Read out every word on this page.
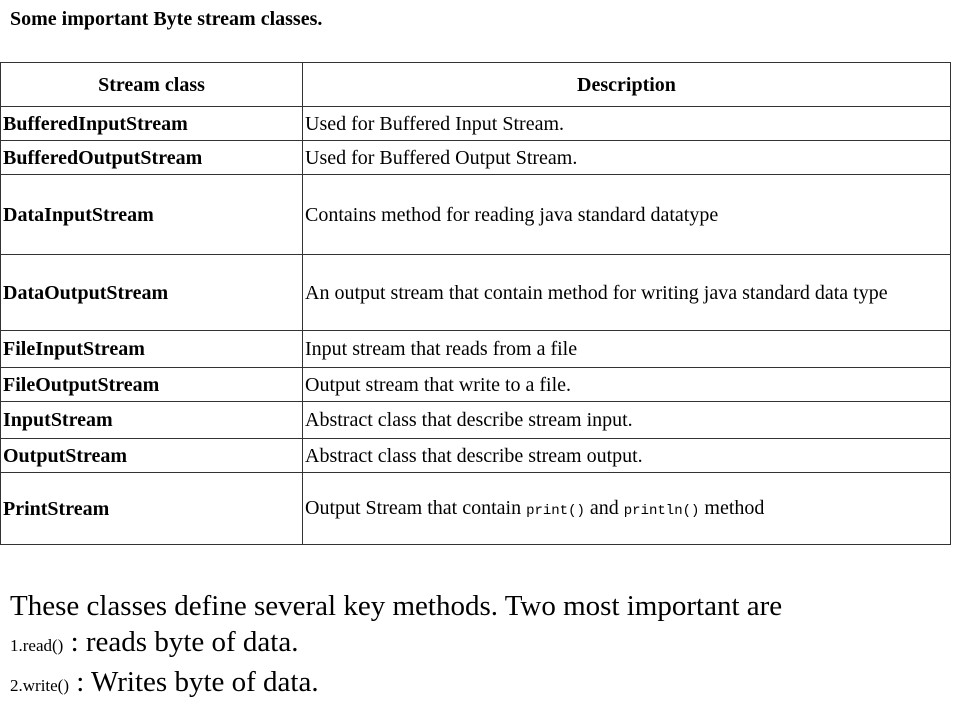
Some important Byte stream classes.
Stream class	Description
BufferedInputStream	Used for Buffered Input Stream.
BufferedOutputStream	Used for Buffered Output Stream.
DataInputStream	Contains method for reading java standard datatype
DataOutputStream	An output stream that contain method for writing java standard data type
FileInputStream	Input stream that reads from a file
FileOutputStream	Output stream that write to a file.
InputStream	Abstract class that describe stream input.
OutputStream	Abstract class that describe stream output.
PrintStream	Output Stream that contain print() and println() method
These classes define several key methods. Two most important are
1.read() : reads byte of data.
2.write() : Writes byte of data.
